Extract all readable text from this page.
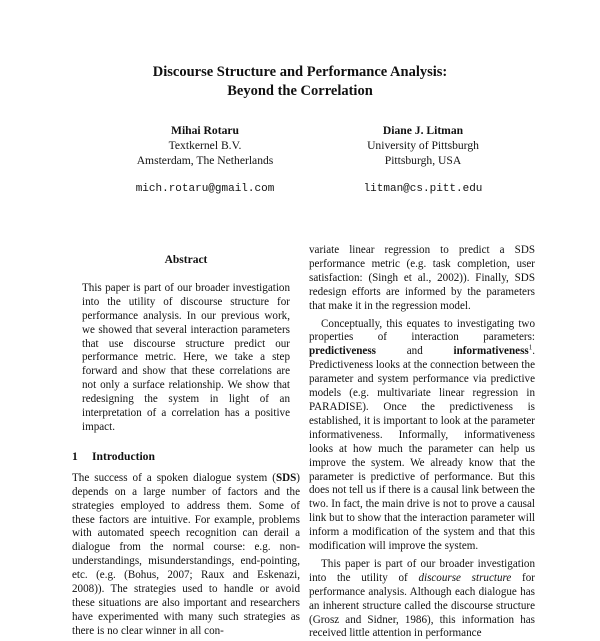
Discourse Structure and Performance Analysis:
Beyond the Correlation
Mihai Rotaru
Textkernel B.V.
Amsterdam, The Netherlands
mich.rotaru@gmail.com
Diane J. Litman
University of Pittsburgh
Pittsburgh, USA
litman@cs.pitt.edu
Abstract

This paper is part of our broader investigation into the utility of discourse structure for performance analysis. In our previous work, we showed that several interaction parameters that use discourse structure predict our performance metric. Here, we take a step forward and show that these correlations are not only a surface relationship. We show that redesigning the system in light of an interpretation of a correlation has a positive impact.

1 Introduction

The success of a spoken dialogue system (SDS) depends on a large number of factors and the strategies employed to address them. Some of these factors are intuitive. For example, problems with automated speech recognition can derail a dialogue from the normal course: e.g. non-understandings, misunderstandings, end-pointing, etc. (e.g. (Bohus, 2007; Raux and Eskenazi, 2008)). The strategies used to handle or avoid these situations are also important and researchers have experimented with many such strategies as there is no clear winner in all con-

variate linear regression to predict a SDS performance metric (e.g. task completion, user satisfaction: (Singh et al., 2002)). Finally, SDS redesign efforts are informed by the parameters that make it in the regression model.

Conceptually, this equates to investigating two properties of interaction parameters: predictiveness and informativeness$^1$. Predictiveness looks at the connection between the parameter and system performance via predictive models (e.g. multivariate linear regression in PARADISE). Once the predictiveness is established, it is important to look at the parameter informativeness. Informally, informativeness looks at how much the parameter can help us improve the system. We already know that the parameter is predictive of performance. But this does not tell us if there is a causal link between the two. In fact, the main drive is not to prove a causal link but to show that the interaction parameter will inform a modification of the system and that this modification will improve the system.

This paper is part of our broader investigation into the utility of discourse structure for performance analysis. Although each dialogue has an inherent structure called the discourse structure (Grosz and Sidner, 1986), this information has received little attention in performance
